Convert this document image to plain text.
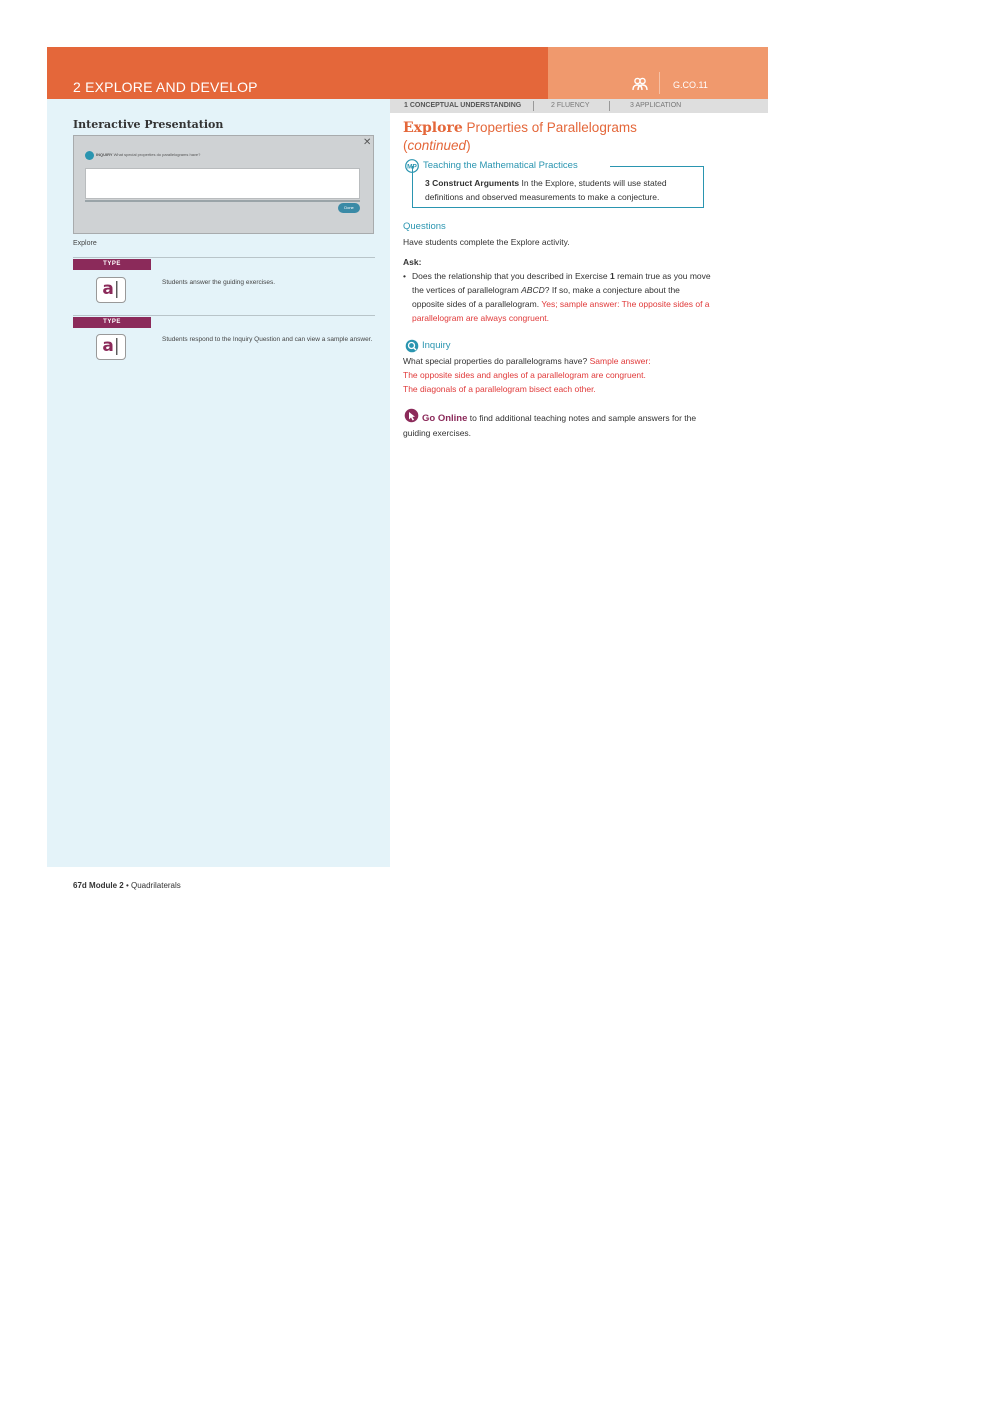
2 EXPLORE AND DEVELOP	G.CO.11
Interactive Presentation
✕
INQUIRY What special properties do parallelograms have?
Done
Explore
TYPE
a|	Students answer the guiding exercises.
TYPE
a|	Students respond to the Inquiry Question and can view a sample answer.
1 CONCEPTUAL UNDERSTANDING	2 FLUENCY	3 APPLICATION
Explore Properties of Parallelograms
(continued)
MP Teaching the Mathematical Practices
3 Construct Arguments In the Explore, students will use stated definitions and observed measurements to make a conjecture.
Questions
Have students complete the Explore activity.
Ask:
• Does the relationship that you described in Exercise 1 remain true as you move the vertices of parallelogram ABCD? If so, make a conjecture about the opposite sides of a parallelogram. Yes; sample answer: The opposite sides of a parallelogram are always congruent.
Inquiry
What special properties do parallelograms have? Sample answer:
The opposite sides and angles of a parallelogram are congruent.
The diagonals of a parallelogram bisect each other.
Go Online to find additional teaching notes and sample answers for the guiding exercises.
67d Module 2 • Quadrilaterals
